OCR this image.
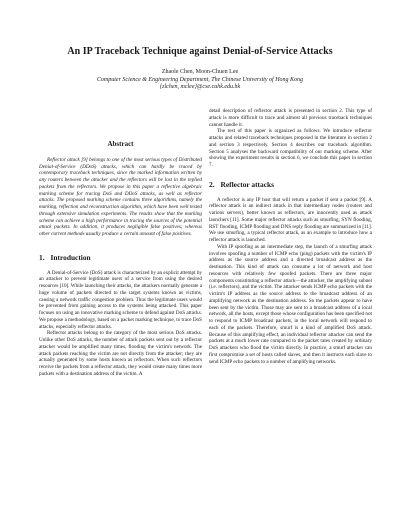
An IP Traceback Technique against Denial-of-Service Attacks
Zhaole Chen, Moon-Chuen Lee
Computer Science & Engineering Department, The Chinese University of Hong Kong
{zlchen, mclee}@cse.cuhk.edu.hk
Abstract

Reflector attack [9] belongs to one of the most serious types of Distributed Denial-of-Service (DDoS) attacks, which can hardly be traced by contemporary traceback techniques, since the marked information written by any routers between the attacker and the reflectors will be lost in the replied packets from the reflectors. We propose in this paper a reflective algebraic marking scheme for tracing DoS and DDoS attacks, as well as reflector attacks. The proposed marking scheme contains three algorithms, namely the marking, reflection and reconstruction algorithm, which have been well tested through extensive simulation experiments. The results show that the marking scheme can achieve a high performance in tracing the sources of the potential attack packets. In addition, it produces negligible false positives; whereas other current methods usually produce a certain amount of false positives.

1. Introduction

A Denial-of-Service (DoS) attack is characterized by an explicit attempt by an attacker to prevent legitimate users of a service from using the desired resources [10]. While launching their attacks, the attackers normally generate a huge volume of packets directed to the target systems known as victims, causing a network traffic congestion problem. Thus the legitimate users would be prevented from gaining access to the systems being attacked. This paper focuses on using an innovative marking scheme to defend against DoS attacks. We propose a methodology, based on a packet marking technique, to trace DoS attacks, especially reflector attacks.

Reflector attacks belong to the category of the most serious DoS attacks. Unlike other DoS attacks, the number of attack packets sent out by a reflector attacker would be amplified many times, flooding the victim's network. The attack packets reaching the victim are not directly from the attacker; they are actually generated by some hosts known as reflectors. When such reflectors receive the packets from a reflector attack, they would create many times more packets with a destination address of the victim. A

detail description of reflector attack is presented in section 2. This type of attack is more difficult to trace and almost all previous traceback techniques cannot handle it.

The rest of this paper is organized as follows. We introduce reflector attacks and related traceback techniques proposed in the literature in section 2 and section 3 respectively. Section 4 describes our traceback algorithm. Section 5 analyses the backward compatibility of our marking scheme. After showing the experiment results in section 6, we conclude this paper in section 7.

2. Reflector attacks

A reflector is any IP host that will return a packet if sent a packet [9]. A reflector attack is an indirect attack in that intermediary nodes (routers and various servers), better known as reflectors, are innocently used as attack launchers [11]. Some major reflector attacks such as smurfing, SYN flooding, RST flooding, ICMP flooding and DNS reply flooding are summarized in [11]. We use smurfing, a typical reflector attack, as an example to introduce how a reflector attack is launched.

With IP spoofing as an intermediate step, the launch of a smurfing attack involves spoofing a number of ICMP echo (ping) packets with the victim's IP address as the source address and a directed broadcast address as the destination. This kind of attack can consume a lot of network and host resources with relatively few spoofed packets. There are three major components constituting a reflector attack—the attacker, the amplifying subnet (i.e. reflectors), and the victim. The attacker sends ICMP echo packets with the victim's IP address as the source address to the broadcast address of an amplifying network as the destination address. So the packets appear to have been sent by the victim. Those may are sent to a broadcast address of a local network, all the hosts, except those whose configuration has been specified not to respond to ICMP broadcast packets, in the local network will respond to each of the packets. Therefore, smurf is a kind of amplified DoS attack. Because of this amplifying effect, an individual reflector attacker can send the packets at a much lower rate compared to the packet rates created by ordinary DoS attackers who flood the victim directly. In practice, a smurf attacker can first compromise a set of hosts called slaves, and then it instructs each slave to send ICMP echo packets to a number of amplifying networks.
